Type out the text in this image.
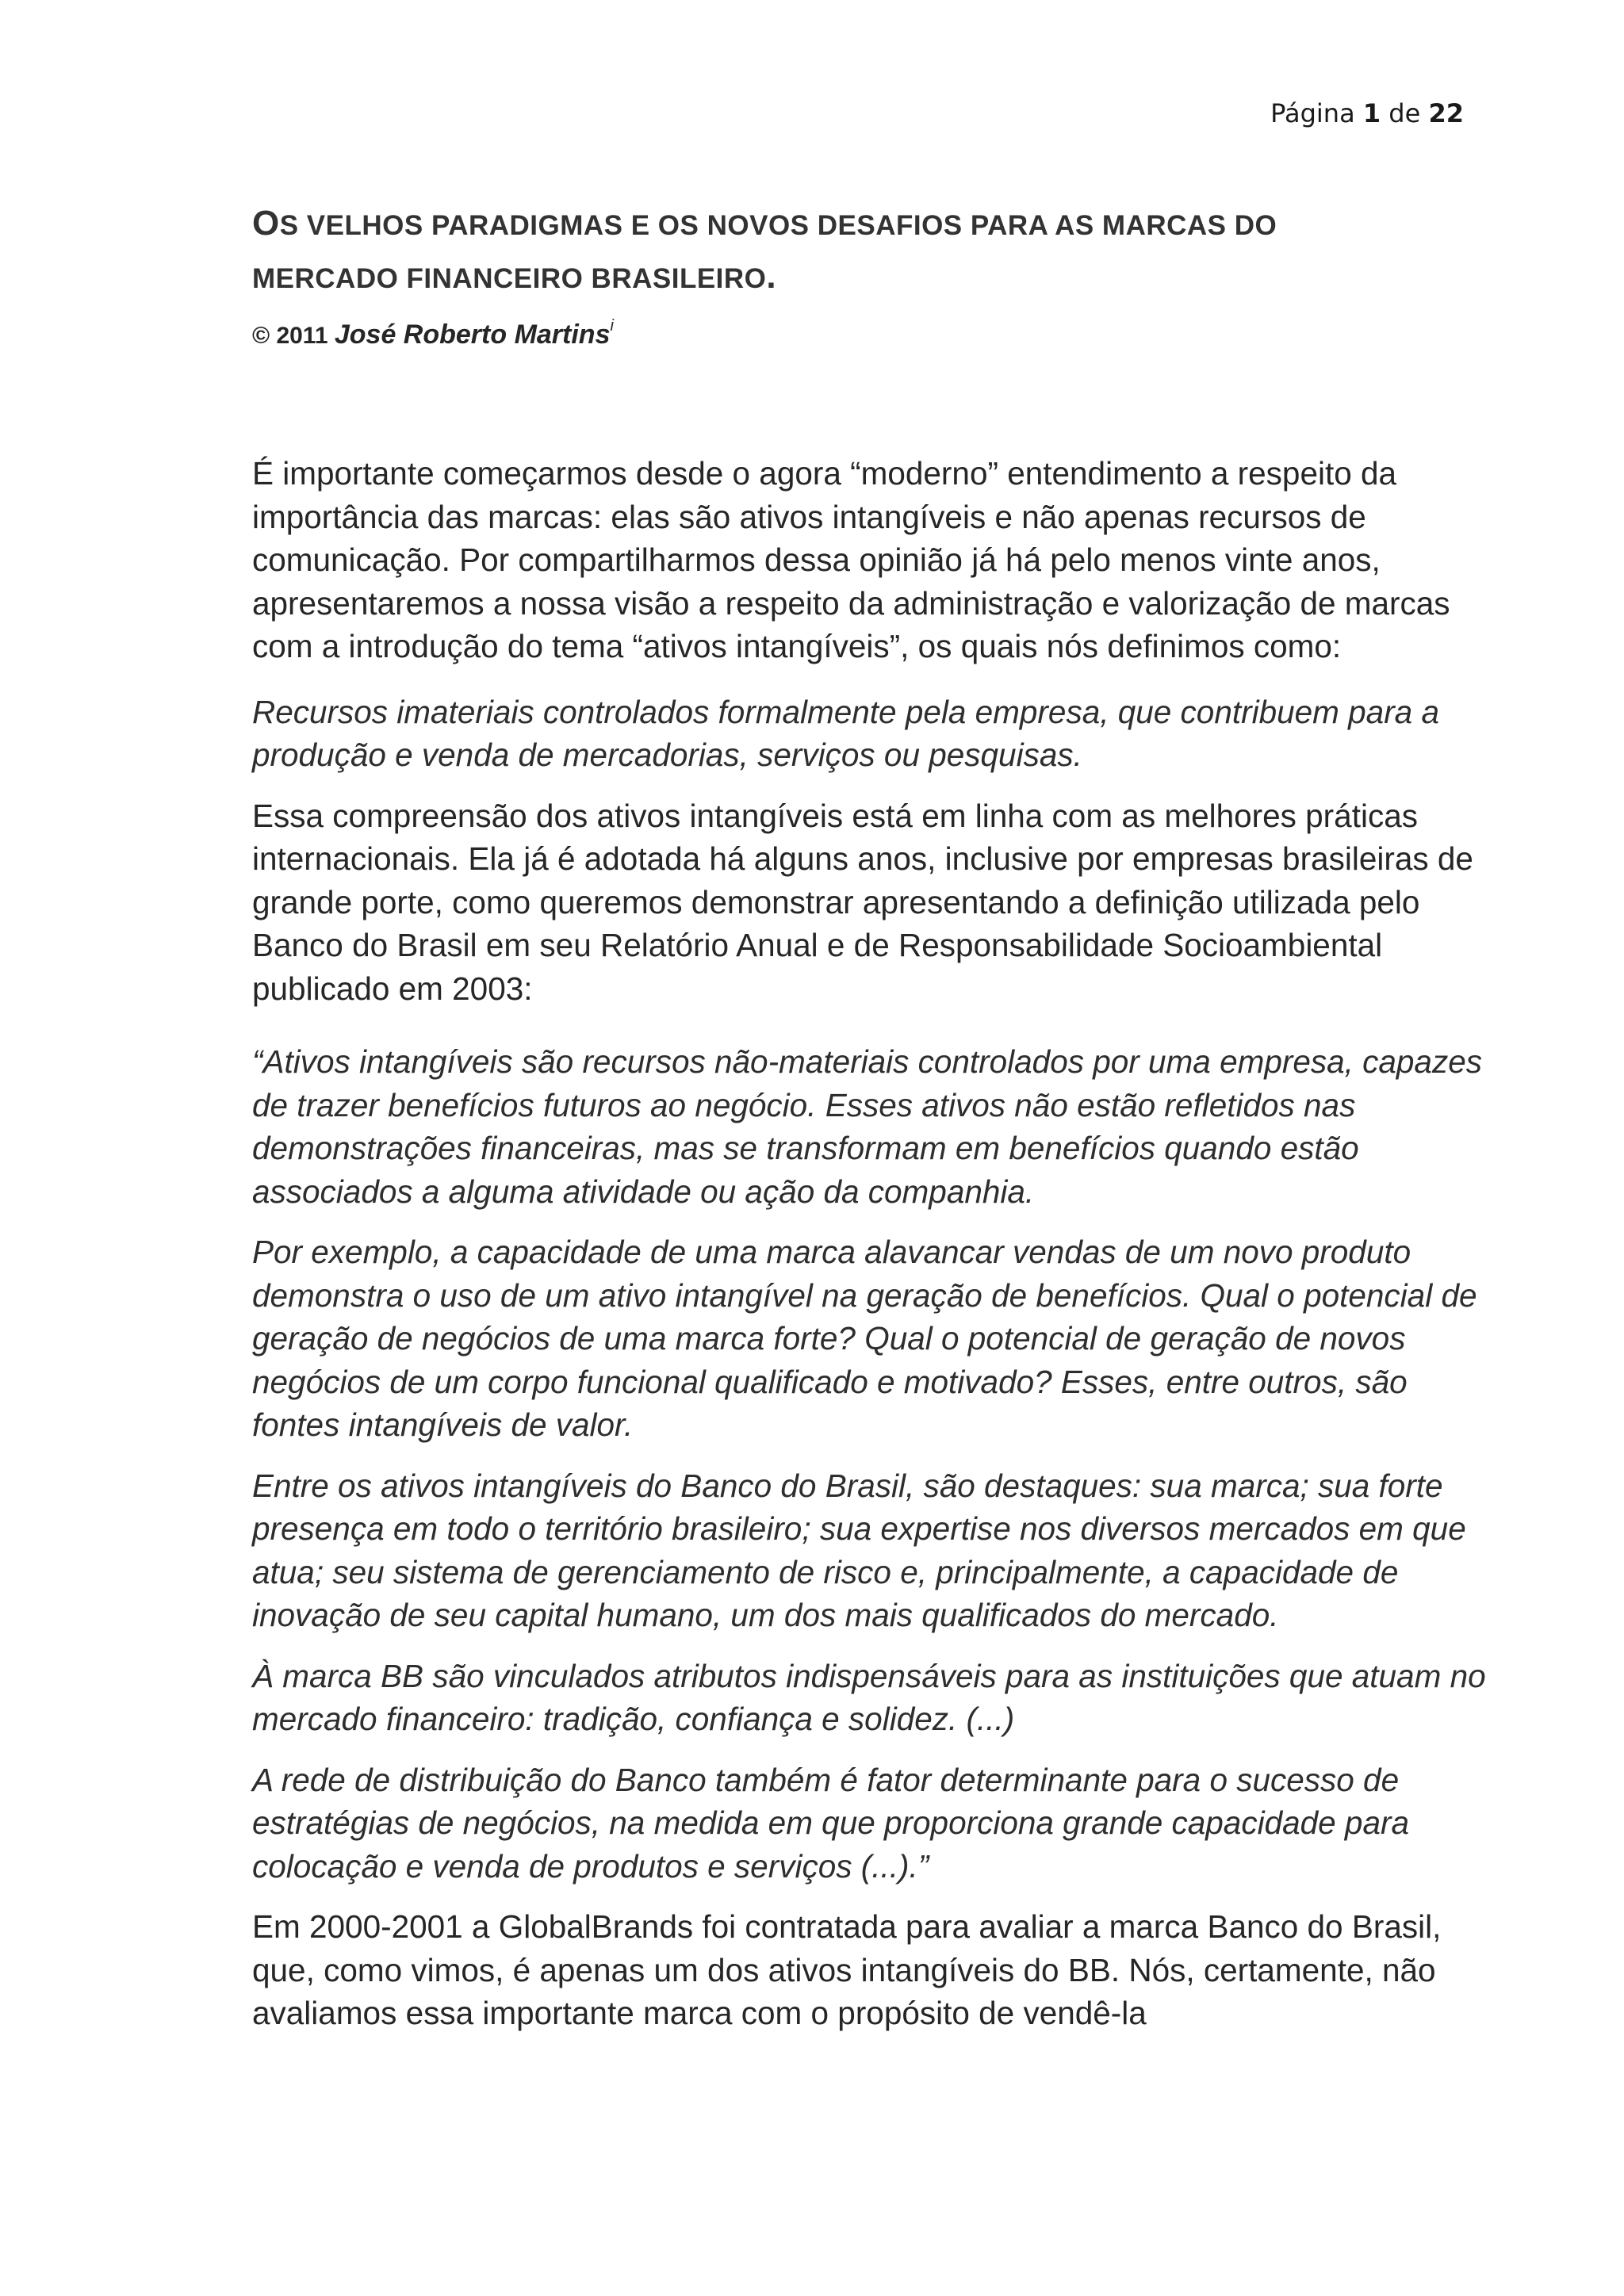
Página 1 de 22
OS VELHOS PARADIGMAS E OS NOVOS DESAFIOS PARA AS MARCAS DO
MERCADO FINANCEIRO BRASILEIRO.
© 2011 José Roberto Martins$^i$

É importante começarmos desde o agora “moderno” entendimento a respeito da importância das marcas: elas são ativos intangíveis e não apenas recursos de comunicação. Por compartilharmos dessa opinião já há pelo menos vinte anos, apresentaremos a nossa visão a respeito da administração e valorização de marcas com a introdução do tema “ativos intangíveis”, os quais nós definimos como:

Recursos imateriais controlados formalmente pela empresa, que contribuem para a produção e venda de mercadorias, serviços ou pesquisas.

Essa compreensão dos ativos intangíveis está em linha com as melhores práticas internacionais. Ela já é adotada há alguns anos, inclusive por empresas brasileiras de grande porte, como queremos demonstrar apresentando a definição utilizada pelo Banco do Brasil em seu Relatório Anual e de Responsabilidade Socioambiental publicado em 2003:

“Ativos intangíveis são recursos não-materiais controlados por uma empresa, capazes de trazer benefícios futuros ao negócio. Esses ativos não estão refletidos nas demonstrações financeiras, mas se transformam em benefícios quando estão associados a alguma atividade ou ação da companhia.

Por exemplo, a capacidade de uma marca alavancar vendas de um novo produto demonstra o uso de um ativo intangível na geração de benefícios. Qual o potencial de geração de negócios de uma marca forte? Qual o potencial de geração de novos negócios de um corpo funcional qualificado e motivado? Esses, entre outros, são fontes intangíveis de valor.

Entre os ativos intangíveis do Banco do Brasil, são destaques: sua marca; sua forte presença em todo o território brasileiro; sua expertise nos diversos mercados em que atua; seu sistema de gerenciamento de risco e, principalmente, a capacidade de inovação de seu capital humano, um dos mais qualificados do mercado.

À marca BB são vinculados atributos indispensáveis para as instituições que atuam no mercado financeiro: tradição, confiança e solidez. (...)

A rede de distribuição do Banco também é fator determinante para o sucesso de estratégias de negócios, na medida em que proporciona grande capacidade para colocação e venda de produtos e serviços (...).”

Em 2000-2001 a GlobalBrands foi contratada para avaliar a marca Banco do Brasil, que, como vimos, é apenas um dos ativos intangíveis do BB. Nós, certamente, não avaliamos essa importante marca com o propósito de vendê-la
